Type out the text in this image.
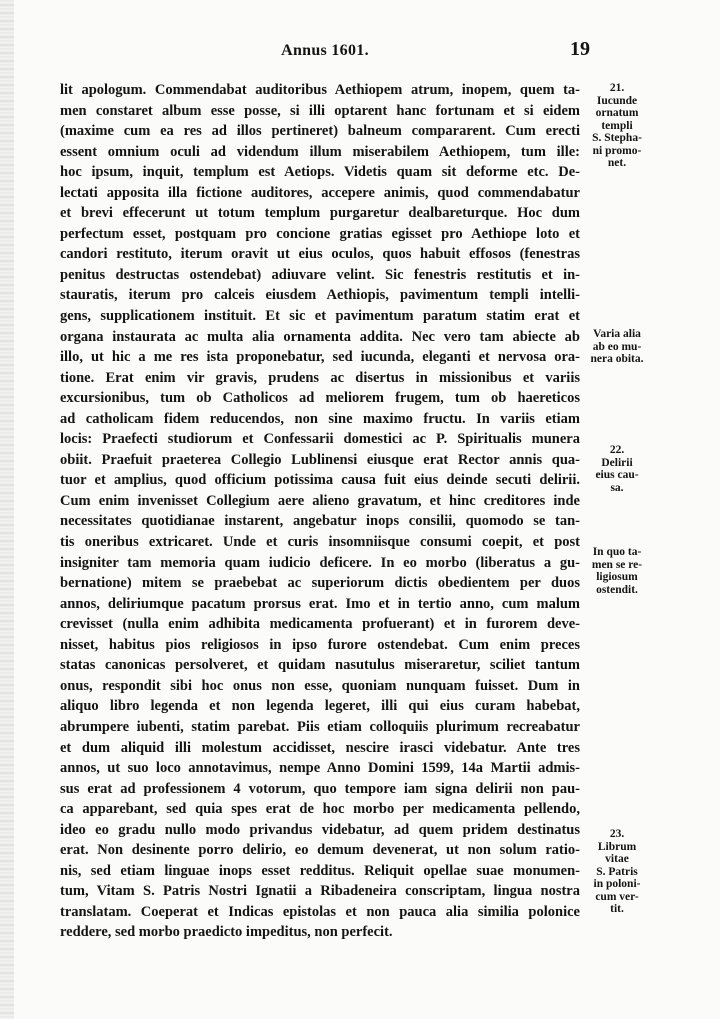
Annus 1601.	19
lit apologum. Commendabat auditoribus Aethiopem atrum, inopem, quem ta-
men constaret album esse posse, si illi optarent hanc fortunam et si eidem
(maxime cum ea res ad illos pertineret) balneum compararent. Cum erecti
essent omnium oculi ad videndum illum miserabilem Aethiopem, tum ille:
hoc ipsum, inquit, templum est Aetiops. Videtis quam sit deforme etc. De-
lectati apposita illa fictione auditores, accepere animis, quod commendabatur
et brevi effecerunt ut totum templum purgaretur dealbareturque. Hoc dum
perfectum esset, postquam pro concione gratias egisset pro Aethiope loto et
candori restituto, iterum oravit ut eius oculos, quos habuit effosos (fenestras
penitus destructas ostendebat) adiuvare velint. Sic fenestris restitutis et in-
stauratis, iterum pro calceis eiusdem Aethiopis, pavimentum templi intelli-
gens, supplicationem instituit. Et sic et pavimentum paratum statim erat et
organa instaurata ac multa alia ornamenta addita. Nec vero tam abiecte ab
illo, ut hic a me res ista proponebatur, sed iucunda, eleganti et nervosa ora-
tione. Erat enim vir gravis, prudens ac disertus in missionibus et variis
excursionibus, tum ob Catholicos ad meliorem frugem, tum ob haereticos
ad catholicam fidem reducendos, non sine maximo fructu. In variis etiam
locis: Praefecti studiorum et Confessarii domestici ac P. Spiritualis munera
obiit. Praefuit praeterea Collegio Lublinensi eiusque erat Rector annis qua-
tuor et amplius, quod officium potissima causa fuit eius deinde secuti delirii.
Cum enim invenisset Collegium aere alieno gravatum, et hinc creditores inde
necessitates quotidianae instarent, angebatur inops consilii, quomodo se tan-
tis oneribus extricaret. Unde et curis insomniisque consumi coepit, et post
insigniter tam memoria quam iudicio deficere. In eo morbo (liberatus a gu-
bernatione) mitem se praebebat ac superiorum dictis obedientem per duos
annos, deliriumque pacatum prorsus erat. Imo et in tertio anno, cum malum
crevisset (nulla enim adhibita medicamenta profuerant) et in furorem deve-
nisset, habitus pios religiosos in ipso furore ostendebat. Cum enim preces
statas canonicas persolveret, et quidam nasutulus miseraretur, sciliet tantum
onus, respondit sibi hoc onus non esse, quoniam nunquam fuisset. Dum in
aliquo libro legenda et non legenda legeret, illi qui eius curam habebat,
abrumpere iubenti, statim parebat. Piis etiam colloquiis plurimum recreabatur
et dum aliquid illi molestum accidisset, nescire irasci videbatur. Ante tres
annos, ut suo loco annotavimus, nempe Anno Domini 1599, 14a Martii admis-
sus erat ad professionem 4 votorum, quo tempore iam signa delirii non pau-
ca apparebant, sed quia spes erat de hoc morbo per medicamenta pellendo,
ideo eo gradu nullo modo privandus videbatur, ad quem pridem destinatus
erat. Non desinente porro delirio, eo demum devenerat, ut non solum ratio-
nis, sed etiam linguae inops esset redditus. Reliquit opellae suae monumen-
tum, Vitam S. Patris Nostri Ignatii a Ribadeneira conscriptam, lingua nostra
translatam. Coeperat et Indicas epistolas et non pauca alia similia polonice
reddere, sed morbo praedicto impeditus, non perfecit.
21.
Iucunde
ornatum
templi
S. Stepha-
ni promo-
net.
Varia alia
ab eo mu-
nera obita.
22.
Delirii
eius cau-
sa.
In quo ta-
men se re-
ligiosum
ostendit.
23.
Librum
vitae
S. Patris
in poloni-
cum ver-
tit.
